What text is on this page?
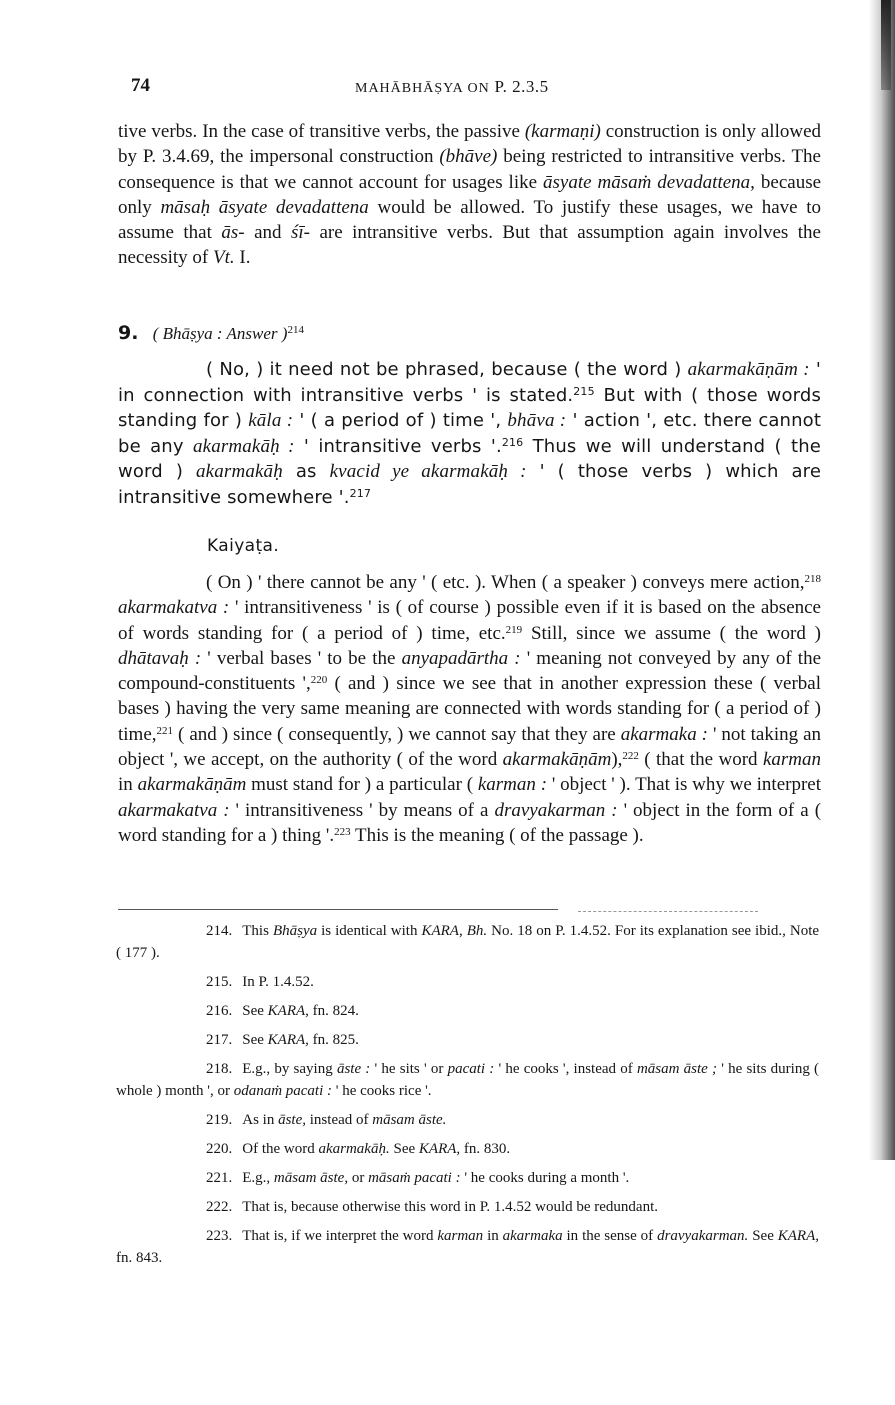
74	MAHĀBHĀṢYA ON P. 2.3.5

tive verbs. In the case of transitive verbs, the passive (karmaṇi) construction is only allowed by P. 3.4.69, the impersonal construction (bhāve) being restricted to intransitive verbs. The consequence is that we cannot account for usages like āsyate māsaṁ devadattena, because only māsaḥ āsyate devadattena would be allowed. To justify these usages, we have to assume that ās- and śī- are intransitive verbs. But that assumption again involves the necessity of Vt. I.

9. ( Bhāṣya : Answer )$^{214}$

( No, ) it need not be phrased, because ( the word ) akarmakāṇām : ' in connection with intransitive verbs ' is stated.$^{215}$ But with ( those words standing for ) kāla : ' ( a period of ) time ', bhāva : ' action ', etc. there cannot be any akarmakāḥ : ' intransitive verbs '.$^{216}$ Thus we will understand ( the word ) akarmakāḥ as kvacid ye akarmakāḥ : ' ( those verbs ) which are intransitive somewhere '.$^{217}$

Kaiyaṭa.

( On ) ' there cannot be any ' ( etc. ). When ( a speaker ) conveys mere action,$^{218}$ akarmakatva : ' intransitiveness ' is ( of course ) possible even if it is based on the absence of words standing for ( a period of ) time, etc.$^{219}$ Still, since we assume ( the word ) dhātavaḥ : ' verbal bases ' to be the anyapadārtha : ' meaning not conveyed by any of the compound-constituents ',$^{220}$ ( and ) since we see that in another expression these ( verbal bases ) having the very same meaning are connected with words standing for ( a period of ) time,$^{221}$ ( and ) since ( consequently, ) we cannot say that they are akarmaka : ' not taking an object ', we accept, on the authority ( of the word akarmakāṇām),$^{222}$ ( that the word karman in akarmakāṇām must stand for ) a particular ( karman : ' object ' ). That is why we interpret akarmakatva : ' intransitiveness ' by means of a dravyakarman : ' object in the form of a ( word standing for a ) thing '.$^{223}$ This is the meaning ( of the passage ).

214. This Bhāṣya is identical with KARA, Bh. No. 18 on P. 1.4.52. For its explanation see ibid., Note ( 177 ).

215. In P. 1.4.52.

216. See KARA, fn. 824.

217. See KARA, fn. 825.

218. E.g., by saying āste : ' he sits ' or pacati : ' he cooks ', instead of māsam āste ; ' he sits during ( whole ) month ', or odanaṁ pacati : ' he cooks rice '.

219. As in āste, instead of māsam āste.

220. Of the word akarmakāḥ. See KARA, fn. 830.

221. E.g., māsam āste, or māsaṁ pacati : ' he cooks during a month '.

222. That is, because otherwise this word in P. 1.4.52 would be redundant.

223. That is, if we interpret the word karman in akarmaka in the sense of dravyakarman. See KARA, fn. 843.
